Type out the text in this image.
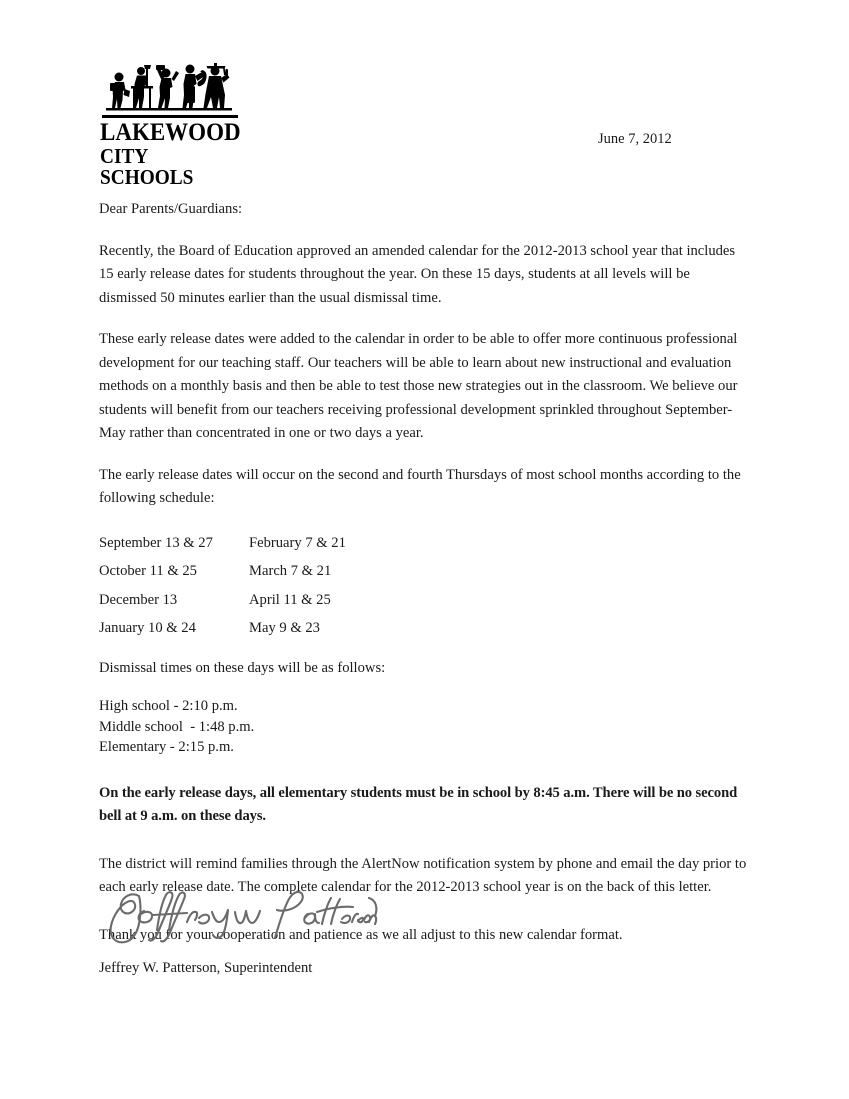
LAKEWOOD
CITY SCHOOLS
June 7, 2012

Dear Parents/Guardians:

Recently, the Board of Education approved an amended calendar for the 2012-2013 school year that includes 15 early release dates for students throughout the year. On these 15 days, students at all levels will be dismissed 50 minutes earlier than the usual dismissal time.

These early release dates were added to the calendar in order to be able to offer more continuous professional development for our teaching staff. Our teachers will be able to learn about new instructional and evaluation methods on a monthly basis and then be able to test those new strategies out in the classroom. We believe our students will benefit from our teachers receiving professional development sprinkled throughout September-May rather than concentrated in one or two days a year.

The early release dates will occur on the second and fourth Thursdays of most school months according to the following schedule:

September 13 & 27	February 7 & 21
October 11 & 25	March 7 & 21
December 13	April 11 & 25
January 10 & 24	May 9 & 23

Dismissal times on these days will be as follows:

High school - 2:10 p.m.
Middle school  - 1:48 p.m.
Elementary - 2:15 p.m.

On the early release days, all elementary students must be in school by 8:45 a.m. There will be no second bell at 9 a.m. on these days.

The district will remind families through the AlertNow notification system by phone and email the day prior to each early release date. The complete calendar for the 2012-2013 school year is on the back of this letter.

Thank you for your cooperation and patience as we all adjust to this new calendar format.

Jeffrey W. Patterson, Superintendent
